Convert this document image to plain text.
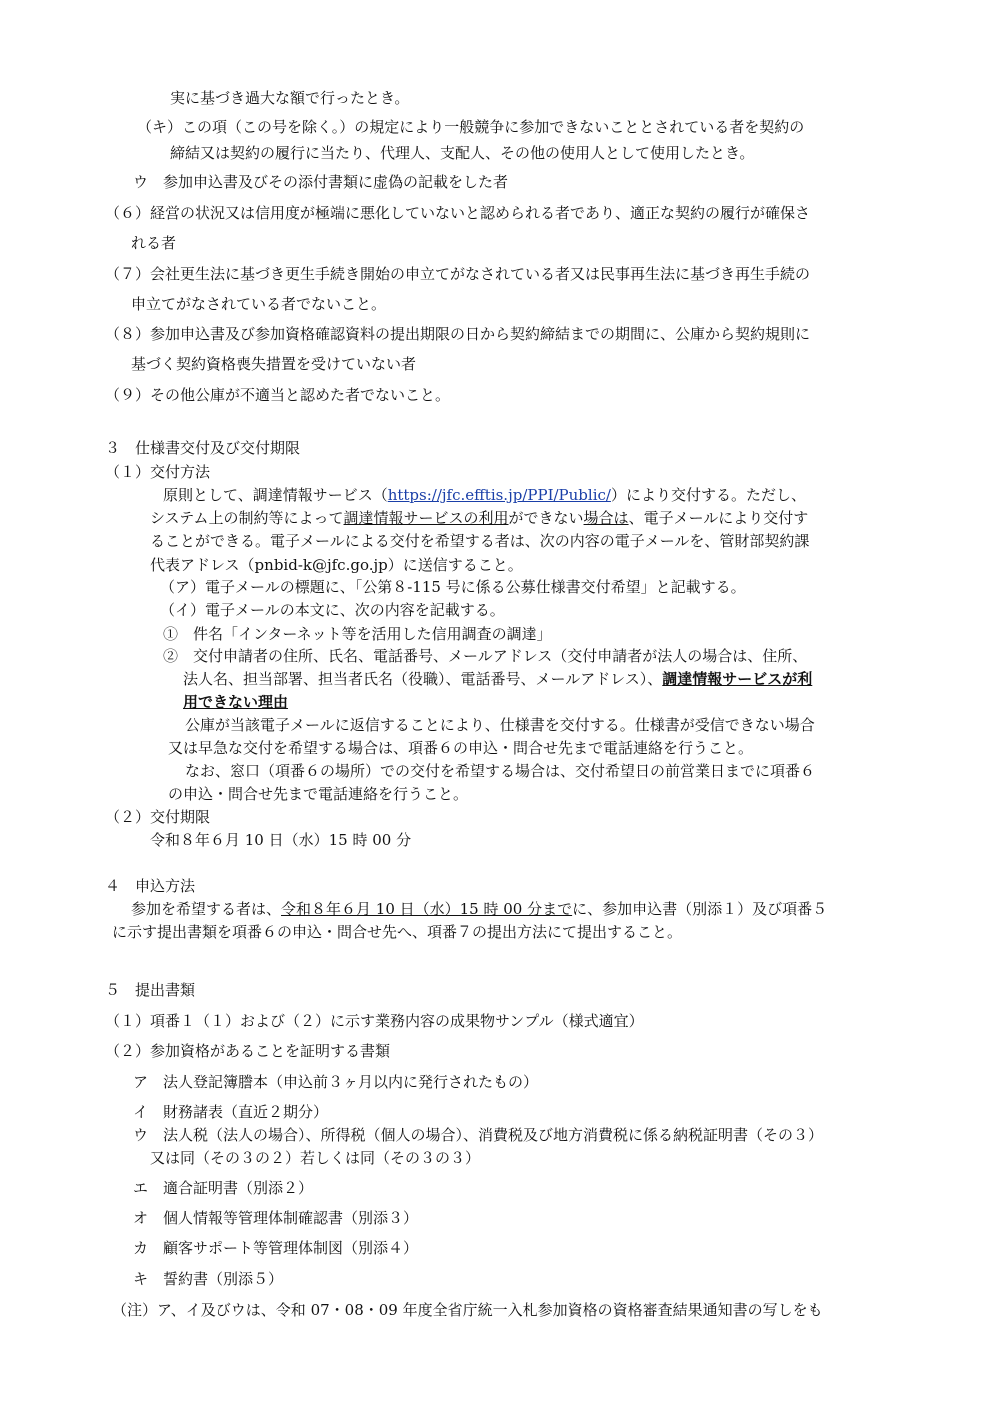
実に基づき過大な額で行ったとき。
（キ）この項（この号を除く。）の規定により一般競争に参加できないこととされている者を契約の
締結又は契約の履行に当たり、代理人、支配人、その他の使用人として使用したとき。
ウ　参加申込書及びその添付書類に虚偽の記載をした者
（６）経営の状況又は信用度が極端に悪化していないと認められる者であり、適正な契約の履行が確保さ
れる者
（７）会社更生法に基づき更生手続き開始の申立てがなされている者又は民事再生法に基づき再生手続の
申立てがなされている者でないこと。
（８）参加申込書及び参加資格確認資料の提出期限の日から契約締結までの期間に、公庫から契約規則に
基づく契約資格喪失措置を受けていない者
（９）その他公庫が不適当と認めた者でないこと。
３　仕様書交付及び交付期限
（１）交付方法
原則として、調達情報サービス（https://jfc.efftis.jp/PPI/Public/）により交付する。ただし、
システム上の制約等によって調達情報サービスの利用ができない場合は、電子メールにより交付す
ることができる。電子メールによる交付を希望する者は、次の内容の電子メールを、管財部契約課
代表アドレス（pnbid-k@jfc.go.jp）に送信すること。
（ア）電子メールの標題に、「公第８-115 号に係る公募仕様書交付希望」と記載する。
（イ）電子メールの本文に、次の内容を記載する。
①　件名「インターネット等を活用した信用調査の調達」
②　交付申請者の住所、氏名、電話番号、メールアドレス（交付申請者が法人の場合は、住所、
法人名、担当部署、担当者氏名（役職）、電話番号、メールアドレス）、調達情報サービスが利
用できない理由
公庫が当該電子メールに返信することにより、仕様書を交付する。仕様書が受信できない場合
又は早急な交付を希望する場合は、項番６の申込・問合せ先まで電話連絡を行うこと。
なお、窓口（項番６の場所）での交付を希望する場合は、交付希望日の前営業日までに項番６
の申込・問合せ先まで電話連絡を行うこと。
（２）交付期限
令和８年６月 10 日（水）15 時 00 分
４　申込方法
参加を希望する者は、令和８年６月 10 日（水）15 時 00 分までに、参加申込書（別添１）及び項番５
に示す提出書類を項番６の申込・問合せ先へ、項番７の提出方法にて提出すること。
５　提出書類
（１）項番１（１）および（２）に示す業務内容の成果物サンプル（様式適宜）
（２）参加資格があることを証明する書類
ア　法人登記簿謄本（申込前３ヶ月以内に発行されたもの）
イ　財務諸表（直近２期分）
ウ　法人税（法人の場合）、所得税（個人の場合）、消費税及び地方消費税に係る納税証明書（その３）
又は同（その３の２）若しくは同（その３の３）
エ　適合証明書（別添２）
オ　個人情報等管理体制確認書（別添３）
カ　顧客サポート等管理体制図（別添４）
キ　誓約書（別添５）
（注）ア、イ及びウは、令和 07・08・09 年度全省庁統一入札参加資格の資格審査結果通知書の写しをも
